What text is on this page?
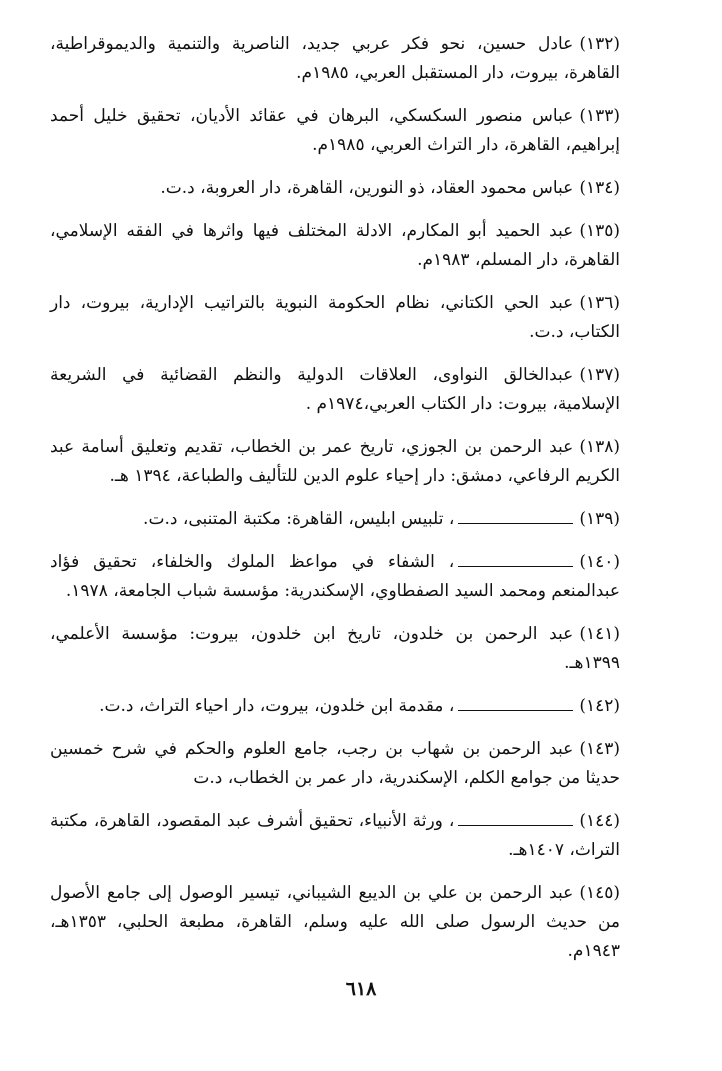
(١٣٢)عادل حسين، نحو فكر عربي جديد، الناصرية والتنمية والديموقراطية، القاهرة، بيروت، دار المستقبل العربي، ١٩٨٥م.
(١٣٣)عباس منصور السكسكي، البرهان في عقائد الأديان، تحقيق خليل أحمد إبراهيم، القاهرة، دار التراث العربي، ١٩٨٥م.
(١٣٤)عباس محمود العقاد، ذو النورين، القاهرة، دار العروبة، د.ت.
(١٣٥)عبد الحميد أبو المكارم، الادلة المختلف فيها واثرها في الفقه الإسلامي، القاهرة، دار المسلم، ١٩٨٣م.
(١٣٦)عبد الحي الكتاني، نظام الحكومة النبوية بالتراتيب الإدارية، بيروت، دار الكتاب، د.ت.
(١٣٧)عبدالخالق النواوى، العلاقات الدولية والنظم القضائية في الشريعة الإسلامية، بيروت: دار الكتاب العربي،١٩٧٤م .
(١٣٨)عبد الرحمن بن الجوزي، تاريخ عمر بن الخطاب، تقديم وتعليق أسامة عبد الكريم الرفاعي، دمشق: دار إحياء علوم الدين للتأليف والطباعة، ١٣٩٤ هـ.
(١٣٩)، تلبيس ابليس، القاهرة: مكتبة المتنبى، د.ت.
(١٤٠)، الشفاء في مواعظ الملوك والخلفاء، تحقيق فؤاد عبدالمنعم ومحمد السيد الصفطاوي، الإسكندرية: مؤسسة شباب الجامعة، ١٩٧٨.
(١٤١)عبد الرحمن بن خلدون، تاريخ ابن خلدون، بيروت: مؤسسة الأعلمي، ١٣٩٩هـ.
(١٤٢)، مقدمة ابن خلدون، بيروت، دار احياء التراث، د.ت.
(١٤٣)عبد الرحمن بن شهاب بن رجب، جامع العلوم والحكم في شرح خمسين حديثا من جوامع الكلم، الإسكندرية، دار عمر بن الخطاب، د.ت
(١٤٤)، ورثة الأنبياء، تحقيق أشرف عبد المقصود، القاهرة، مكتبة التراث، ١٤٠٧هـ.
(١٤٥)عبد الرحمن بن علي بن الديبع الشيباني، تيسير الوصول إلى جامع الأصول من حديث الرسول صلى الله عليه وسلم، القاهرة، مطبعة الحلبي، ١٣٥٣هـ، ١٩٤٣م.
٦١٨
